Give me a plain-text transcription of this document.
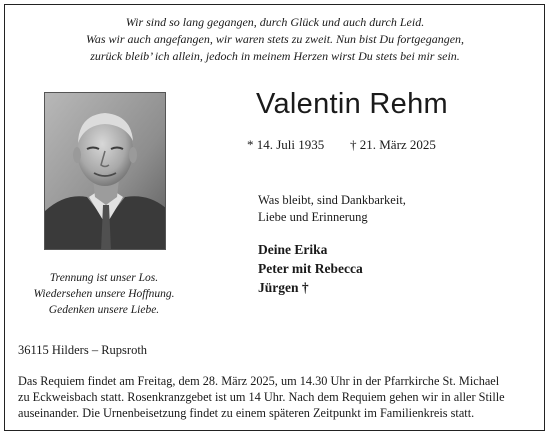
Wir sind so lang gegangen, durch Glück und auch durch Leid.
Was wir auch angefangen, wir waren stets zu zweit. Nun bist Du fortgegangen,
zurück bleib’ ich allein, jedoch in meinem Herzen wirst Du stets bei mir sein.
Trennung ist unser Los.
Wiedersehen unsere Hoffnung.
Gedenken unsere Liebe.
Valentin Rehm
* 14. Juli 1935 † 21. März 2025
Was bleibt, sind Dankbarkeit,
Liebe und Erinnerung
Deine Erika
Peter mit Rebecca
Jürgen †
36115 Hilders – Rupsroth
Das Requiem findet am Freitag, dem 28. März 2025, um 14.30 Uhr in der Pfarrkirche St. Michael
zu Eckweisbach statt. Rosenkranzgebet ist um 14 Uhr. Nach dem Requiem gehen wir in aller Stille
auseinander. Die Urnenbeisetzung findet zu einem späteren Zeitpunkt im Familienkreis statt.
